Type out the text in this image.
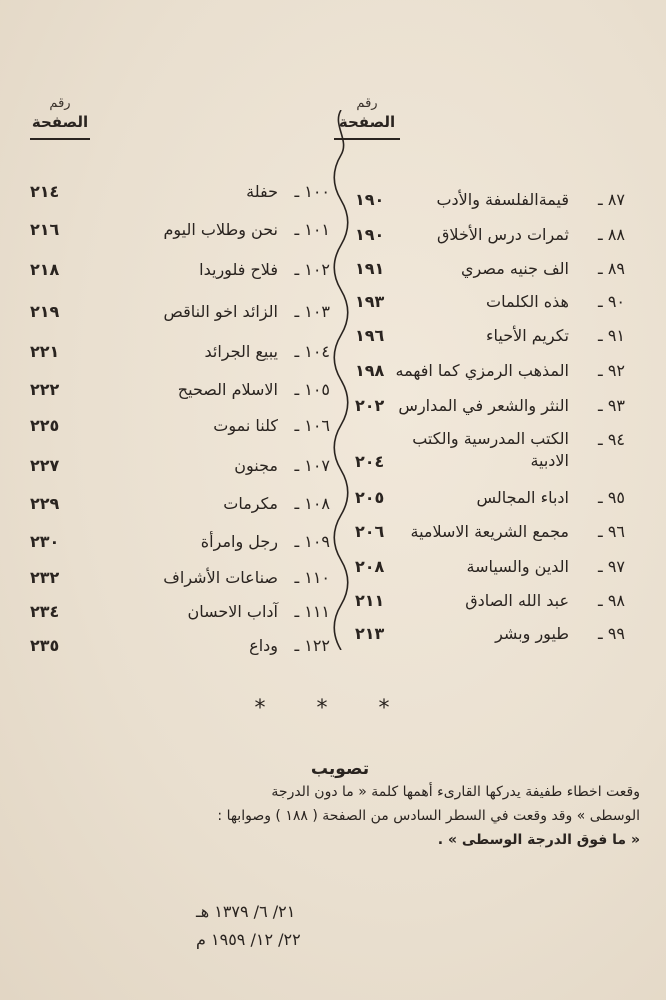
رقم
الصفحة
رقم
الصفحة
٨٧ ـ
قيمةالفلسفة والأدب
١٩٠
٨٨ ـ
ثمرات درس الأخلاق
١٩٠
٨٩ ـ
الف جنيه مصري
١٩١
٩٠ ـ
هذه الكلمات
١٩٣
٩١ ـ
تكريم الأحياء
١٩٦
٩٢ ـ
المذهب الرمزي كما افهمه
١٩٨
٩٣ ـ
النثر والشعر في المدارس
٢٠٢
٩٤ ـ
الكتب المدرسية والكتب الادبية
٢٠٤
٩٥ ـ
ادباء المجالس
٢٠٥
٩٦ ـ
مجمع الشريعة الاسلامية
٢٠٦
٩٧ ـ
الدين والسياسة
٢٠٨
٩٨ ـ
عبد الله الصادق
٢١١
٩٩ ـ
طيور وبشر
٢١٣
١٠٠ ـ
حفلة
٢١٤
١٠١ ـ
نحن وطلاب اليوم
٢١٦
١٠٢ ـ
فلاح فلوريدا
٢١٨
١٠٣ ـ
الزائد اخو الناقص
٢١٩
١٠٤ ـ
يبيع الجرائد
٢٢١
١٠٥ ـ
الاسلام الصحيح
٢٢٢
١٠٦ ـ
كلنا نموت
٢٢٥
١٠٧ ـ
مجنون
٢٢٧
١٠٨ ـ
مكرمات
٢٢٩
١٠٩ ـ
رجل وامرأة
٢٣٠
١١٠ ـ
صناعات الأشراف
٢٣٢
١١١ ـ
آداب الاحسان
٢٣٤
١٢٢ ـ
وداع
٢٣٥
* * *
تصويب
وقعت اخطاء طفيفة يدركها القارىء أهمها كلمة « ما دون الدرجة
الوسطى » وقد وقعت في السطر السادس من الصفحة ( ١٨٨ ) وصوابها :
« ما فوق الدرجة الوسطى » .
٢١/ ٦/ ١٣٧٩ هـ
٢٢/ ١٢/ ١٩٥٩ م
